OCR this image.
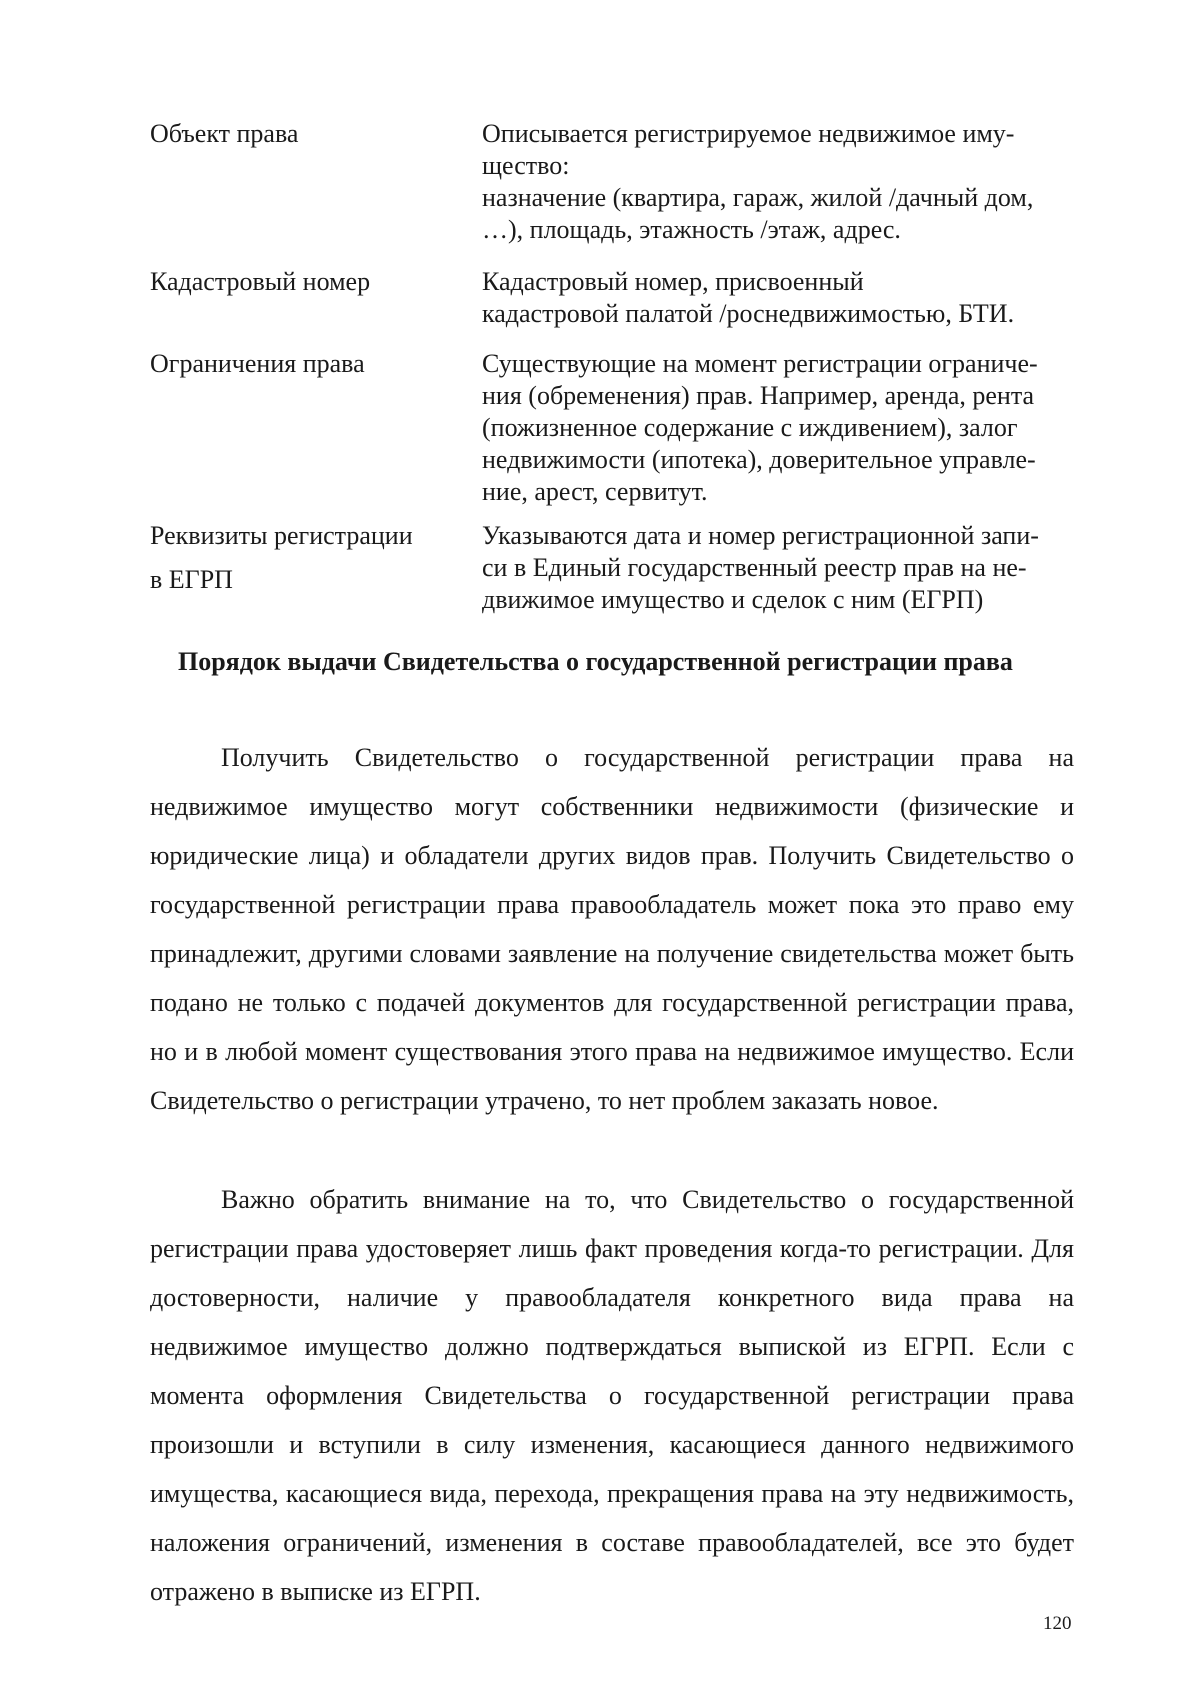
Объект права	Описывается регистрируемое недвижимое иму-
щество:
назначение (квартира, гараж, жилой /дачный дом,
…), площадь, этажность /этаж, адрес.

Кадастровый номер	Кадастровый номер, присвоенный
кадастровой палатой /роснедвижимостью, БТИ.

Ограничения права	Существующие на момент регистрации ограниче-
ния (обременения) прав. Например, аренда, рента
(пожизненное содержание с иждивением), залог
недвижимости (ипотека), доверительное управле-
ние, арест, сервитут.

Реквизиты регистрации
в ЕГРП	Указываются дата и номер регистрационной запи-
си в Единый государственный реестр прав на не-
движимое имущество и сделок с ним (ЕГРП)
Порядок выдачи Свидетельства о государственной регистрации права

Получить Свидетельство о государственной регистрации права на недвижимое имущество могут собственники недвижимости (физические и юридические лица) и обладатели других видов прав. Получить Свидетельство о государственной регистрации права правообладатель может пока это право ему принадлежит, другими словами заявление на получение свидетельства может быть подано не только с подачей документов для государственной регистрации права, но и в любой момент существования этого права на недвижимое имущество. Если Свидетельство о регистрации утрачено, то нет проблем заказать новое.

Важно обратить внимание на то, что Свидетельство о государственной регистрации права удостоверяет лишь факт проведения когда-то регистрации. Для достоверности, наличие у правообладателя конкретного вида права на недвижимое имущество должно подтверждаться выпиской из ЕГРП. Если с момента оформления Свидетельства о государственной регистрации права произошли и вступили в силу изменения, касающиеся данного недвижимого имущества, касающиеся вида, перехода, прекращения права на эту недвижимость, наложения ограничений, изменения в составе правообладателей, все это будет отражено в выписке из ЕГРП.

120
